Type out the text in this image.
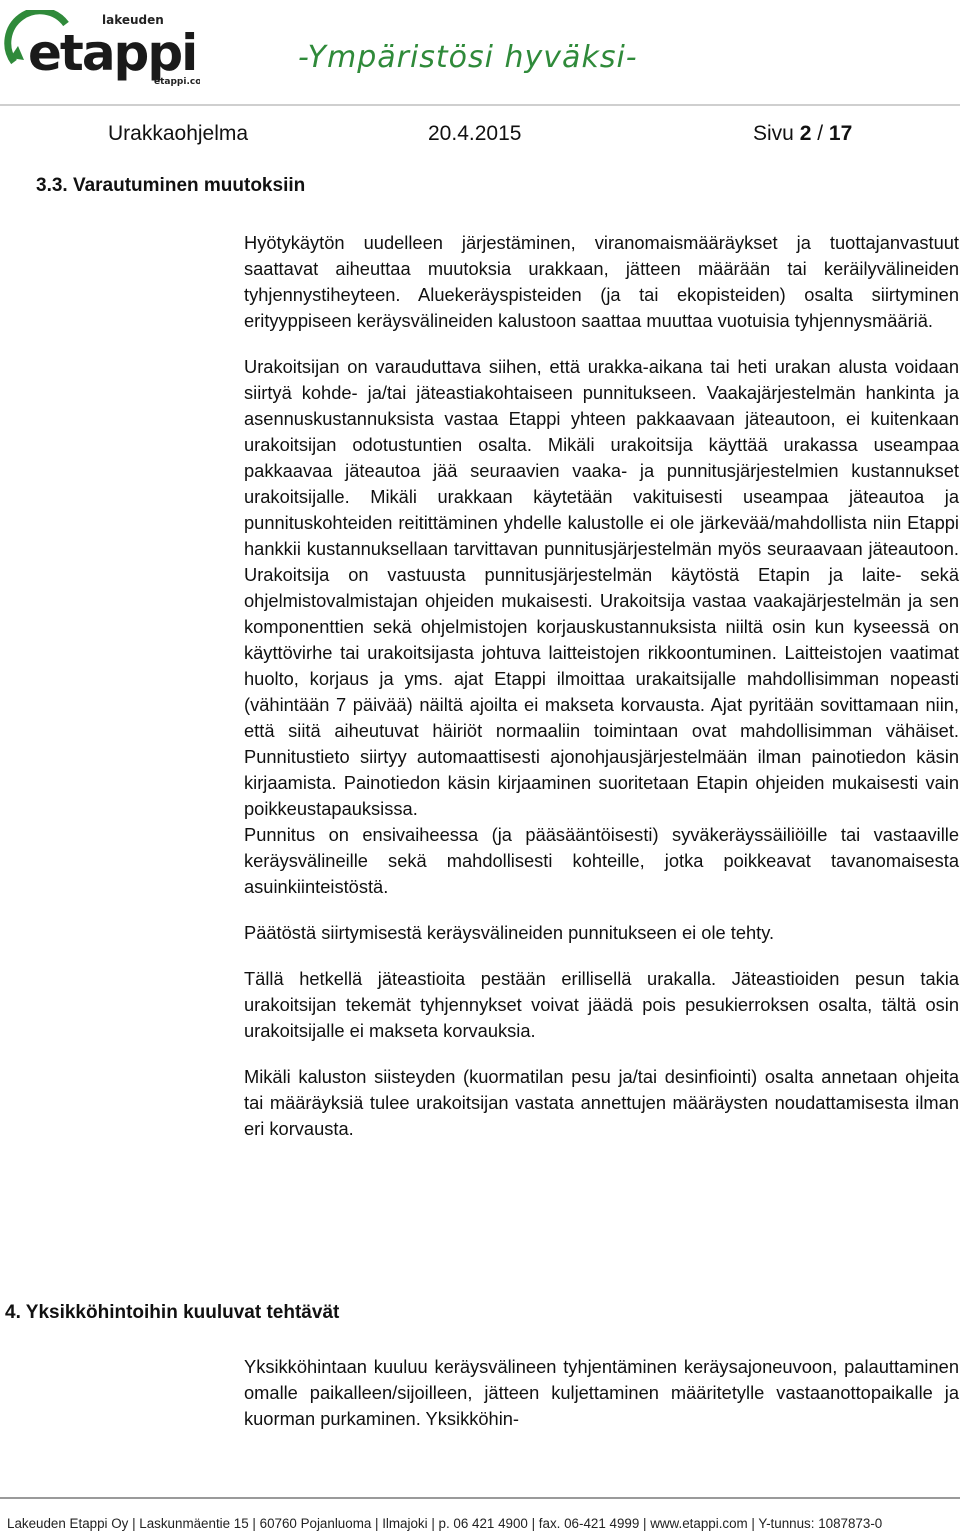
lakeuden
etappi
etappi.co
-Ympäristösi hyväksi-
Urakkaohjelma	20.4.2015	Sivu 2 / 17
3.3. Varautuminen muutoksiin

Hyötykäytön uudelleen järjestäminen, viranomaismääräykset ja tuottajanvastuut saattavat aiheuttaa muutoksia urakkaan, jätteen määrään tai keräilyvälineiden tyhjennystiheyteen. Aluekeräyspisteiden (ja tai ekopisteiden) osalta siirtyminen erityyppiseen keräysvälineiden kalustoon saattaa muuttaa vuotuisia tyhjennysmääriä.

Urakoitsijan on varauduttava siihen, että urakka-aikana tai heti urakan alusta voidaan siirtyä kohde- ja/tai jäteastiakohtaiseen punnitukseen. Vaakajärjestelmän hankinta ja asennuskustannuksista vastaa Etappi yhteen pakkaavaan jäteautoon, ei kuitenkaan urakoitsijan odotustuntien osalta. Mikäli urakoitsija käyttää urakassa useampaa pakkaavaa jäteautoa jää seuraavien vaaka- ja punnitusjärjestelmien kustannukset urakoitsijalle. Mikäli urakkaan käytetään vakituisesti useampaa jäteautoa ja punnituskohteiden reitittäminen yhdelle kalustolle ei ole järkevää/mahdollista niin Etappi hankkii kustannuksellaan tarvittavan punnitusjärjestelmän myös seuraavaan jäteautoon. Urakoitsija on vastuusta punnitusjärjestelmän käytöstä Etapin ja laite- sekä ohjelmistovalmistajan ohjeiden mukaisesti. Urakoitsija vastaa vaakajärjestelmän ja sen komponenttien sekä ohjelmistojen korjauskustannuksista niiltä osin kun kyseessä on käyttövirhe tai urakoitsijasta johtuva laitteistojen rikkoontuminen. Laitteistojen vaatimat huolto, korjaus ja yms. ajat Etappi ilmoittaa urakaitsijalle mahdollisimman nopeasti (vähintään 7 päivää) näiltä ajoilta ei makseta korvausta. Ajat pyritään sovittamaan niin, että siitä aiheutuvat häiriöt normaaliin toimintaan ovat mahdollisimman vähäiset. Punnitustieto siirtyy automaattisesti ajonohjausjärjestelmään ilman painotiedon käsin kirjaamista. Painotiedon käsin kirjaaminen suoritetaan Etapin ohjeiden mukaisesti vain poikkeustapauksissa.
Punnitus on ensivaiheessa (ja pääsääntöisesti) syväkeräyssäiliöille tai vastaaville keräysvälineille sekä mahdollisesti kohteille, jotka poikkeavat tavanomaisesta asuinkiinteistöstä.

Päätöstä siirtymisestä keräysvälineiden punnitukseen ei ole tehty.

Tällä hetkellä jäteastioita pestään erillisellä urakalla. Jäteastioiden pesun takia urakoitsijan tekemät tyhjennykset voivat jäädä pois pesukierroksen osalta, tältä osin urakoitsijalle ei makseta korvauksia.

Mikäli kaluston siisteyden (kuormatilan pesu ja/tai desinfiointi) osalta annetaan ohjeita tai määräyksiä tulee urakoitsijan vastata annettujen määräysten noudattamisesta ilman eri korvausta.

4. Yksikköhintoihin kuuluvat tehtävät

Yksikköhintaan kuuluu keräysvälineen tyhjentäminen keräysajoneuvoon, palauttaminen omalle paikalleen/sijoilleen, jätteen kuljettaminen määritetylle vastaanottopaikalle ja kuorman purkaminen. Yksikköhin-

Lakeuden Etappi Oy | Laskunmäentie 15 | 60760 Pojanluoma | Ilmajoki | p. 06 421 4900 | fax. 06-421 4999 | www.etappi.com | Y-tunnus: 1087873-0
